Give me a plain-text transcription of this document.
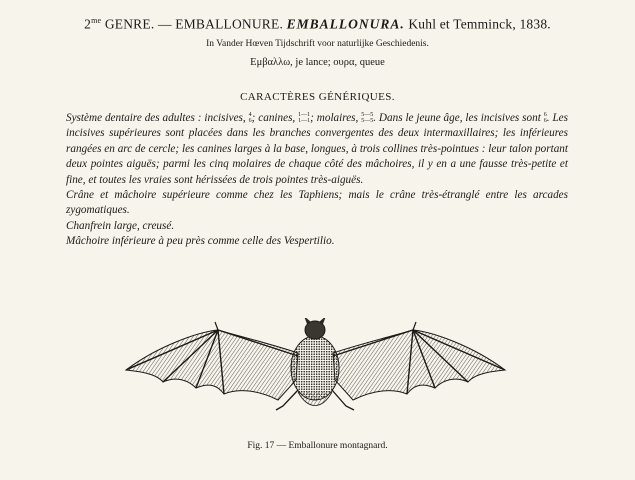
$2^{me}$ GENRE. — EMBALLONURE. EMBALLONURA. Kuhl et Temminck, 1838.
In Vander Hœven Tijdschrift voor naturlijke Geschiedenis.
Εμβαλλω, je lance; ουρα, queue
CARACTÈRES GÉNÉRIQUES.

Système dentaire des adultes : incisives, 4
6 ; canines, 1—1
1—1 ; molaires, 5—5
5—5 . Dans le jeune âge, les incisives sont 6
6 . Les incisives supérieures sont placées dans les branches convergentes des deux intermaxillaires; les inférieures rangées en arc de cercle; les canines larges à la base, longues, à trois collines très-pointues : leur talon portant deux pointes aiguës; parmi les cinq molaires de chaque côté des mâchoires, il y en a une fausse très-petite et fine, et toutes les vraies sont hérissées de trois pointes très-aiguës.

Crâne et mâchoire supérieure comme chez les Taphiens; mais le crâne très-étranglé entre les arcades zygomatiques.

Chanfrein large, creusé.

Mâchoire inférieure à peu près comme celle des Vespertilio.

Fig. 17 — Emballonure montagnard.
